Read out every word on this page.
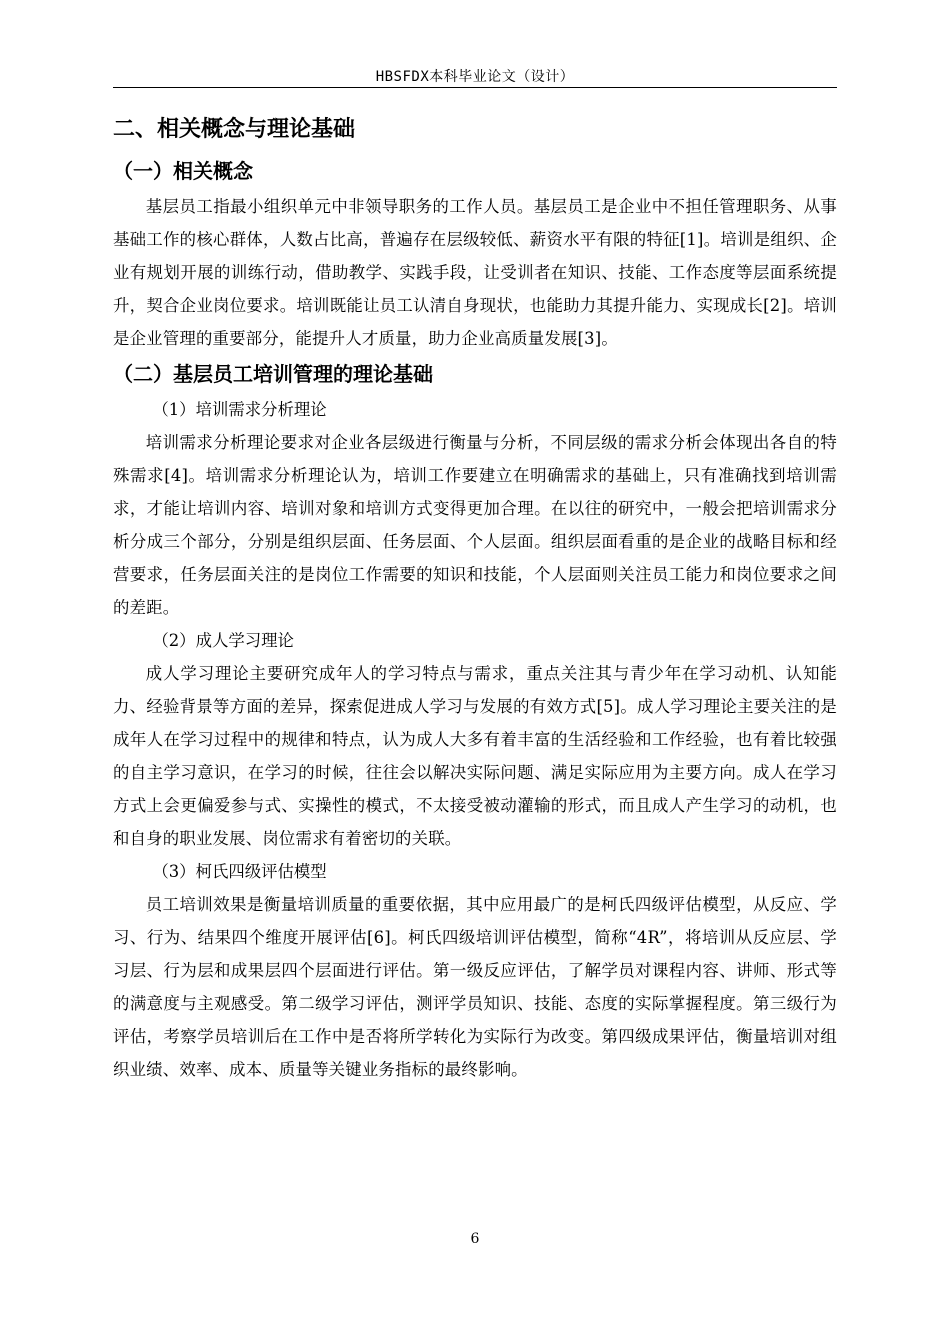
HBSFDX本科毕业论文（设计）
二、相关概念与理论基础
（一）相关概念

基层员工指最小组织单元中非领导职务的工作人员。基层员工是企业中不担任管理职务、从事基础工作的核心群体，人数占比高，普遍存在层级较低、薪资水平有限的特征[1]。培训是组织、企业有规划开展的训练行动，借助教学、实践手段，让受训者在知识、技能、工作态度等层面系统提升，契合企业岗位要求。培训既能让员工认清自身现状，也能助力其提升能力、实现成长[2]。培训是企业管理的重要部分，能提升人才质量，助力企业高质量发展[3]。

（二）基层员工培训管理的理论基础

（1）培训需求分析理论

培训需求分析理论要求对企业各层级进行衡量与分析，不同层级的需求分析会体现出各自的特殊需求[4]。培训需求分析理论认为，培训工作要建立在明确需求的基础上，只有准确找到培训需求，才能让培训内容、培训对象和培训方式变得更加合理。在以往的研究中，一般会把培训需求分析分成三个部分，分别是组织层面、任务层面、个人层面。组织层面看重的是企业的战略目标和经营要求，任务层面关注的是岗位工作需要的知识和技能，个人层面则关注员工能力和岗位要求之间的差距。

（2）成人学习理论

成人学习理论主要研究成年人的学习特点与需求，重点关注其与青少年在学习动机、认知能力、经验背景等方面的差异，探索促进成人学习与发展的有效方式[5]。成人学习理论主要关注的是成年人在学习过程中的规律和特点，认为成人大多有着丰富的生活经验和工作经验，也有着比较强的自主学习意识，在学习的时候，往往会以解决实际问题、满足实际应用为主要方向。成人在学习方式上会更偏爱参与式、实操性的模式，不太接受被动灌输的形式，而且成人产生学习的动机，也和自身的职业发展、岗位需求有着密切的关联。

（3）柯氏四级评估模型

员工培训效果是衡量培训质量的重要依据，其中应用最广的是柯氏四级评估模型，从反应、学习、行为、结果四个维度开展评估[6]。柯氏四级培训评估模型，简称“4R”，将培训从反应层、学习层、行为层和成果层四个层面进行评估。第一级反应评估，了解学员对课程内容、讲师、形式等的满意度与主观感受。第二级学习评估，测评学员知识、技能、态度的实际掌握程度。第三级行为评估，考察学员培训后在工作中是否将所学转化为实际行为改变。第四级成果评估，衡量培训对组织业绩、效率、成本、质量等关键业务指标的最终影响。

6
